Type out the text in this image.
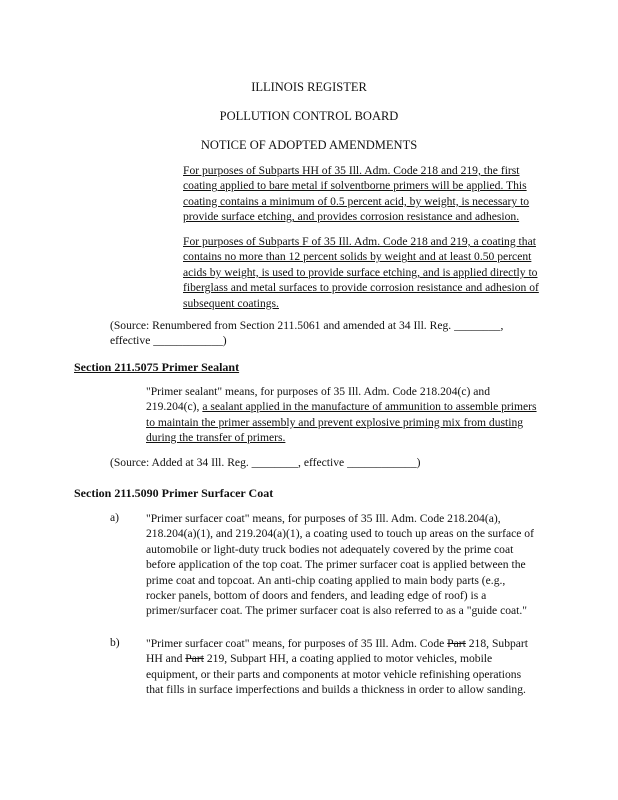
ILLINOIS REGISTER
POLLUTION CONTROL BOARD
NOTICE OF ADOPTED AMENDMENTS

For purposes of Subparts HH of 35 Ill. Adm. Code 218 and 219, the first coating applied to bare metal if solventborne primers will be applied. This coating contains a minimum of 0.5 percent acid, by weight, is necessary to provide surface etching, and provides corrosion resistance and adhesion.

For purposes of Subparts F of 35 Ill. Adm. Code 218 and 219, a coating that contains no more than 12 percent solids by weight and at least 0.50 percent acids by weight, is used to provide surface etching, and is applied directly to fiberglass and metal surfaces to provide corrosion resistance and adhesion of subsequent coatings.

(Source: Renumbered from Section 211.5061 and amended at 34 Ill. Reg. ________,
effective ____________)
Section 211.5075 Primer Sealant

"Primer sealant" means, for purposes of 35 Ill. Adm. Code 218.204(c) and 219.204(c), a sealant applied in the manufacture of ammunition to assemble primers to maintain the primer assembly and prevent explosive priming mix from dusting during the transfer of primers.

(Source: Added at 34 Ill. Reg. ________, effective ____________)
Section 211.5090 Primer Surfacer Coat
a) "Primer surfacer coat" means, for purposes of 35 Ill. Adm. Code 218.204(a), 218.204(a)(1), and 219.204(a)(1), a coating used to touch up areas on the surface of automobile or light-duty truck bodies not adequately covered by the prime coat before application of the top coat. The primer surfacer coat is applied between the prime coat and topcoat. An anti-chip coating applied to main body parts (e.g., rocker panels, bottom of doors and fenders, and leading edge of roof) is a primer/surfacer coat. The primer surfacer coat is also referred to as a "guide coat."

b) "Primer surfacer coat" means, for purposes of 35 Ill. Adm. Code Part 218, Subpart HH and Part 219, Subpart HH, a coating applied to motor vehicles, mobile equipment, or their parts and components at motor vehicle refinishing operations that fills in surface imperfections and builds a thickness in order to allow sanding.
